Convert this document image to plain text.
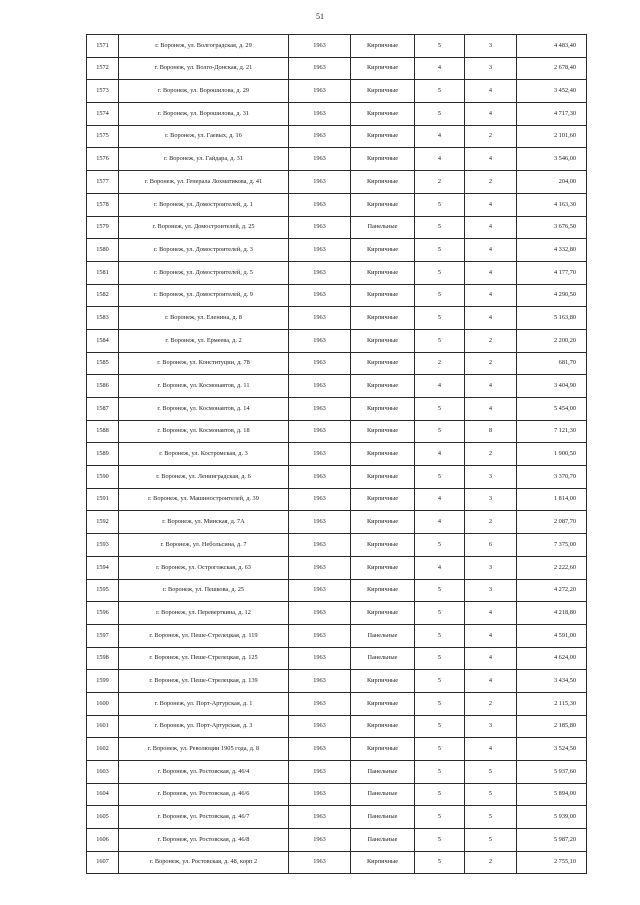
51
1571	г. Воронеж, ул. Волгоградская, д. 29	1963	Кирпичные	5	3	4 483,40
1572	г. Воронеж, ул. Волго-Донская, д. 21	1963	Кирпичные	4	3	2 678,40
1573	г. Воронеж, ул. Ворошилова, д. 29	1963	Кирпичные	5	4	3 452,40
1574	г. Воронеж, ул. Ворошилова, д. 31	1963	Кирпичные	5	4	4 717,30
1575	г. Воронеж, ул. Гаевых, д. 16	1963	Кирпичные	4	2	2 101,60
1576	г. Воронеж, ул. Гайдара, д. 31	1963	Кирпичные	4	4	3 546,00
1577	г. Воронеж, ул. Генерала Лохматикова, д. 41	1963	Кирпичные	2	2	204,00
1578	г. Воронеж, ул. Домостроителей, д. 1	1963	Кирпичные	5	4	4 163,30
1579	г. Воронеж, ул. Домостроителей, д. 25	1963	Панельные	5	4	3 676,50
1580	г. Воронеж, ул. Домостроителей, д. 3	1963	Кирпичные	5	4	4 332,80
1581	г. Воронеж, ул. Домостроителей, д. 5	1963	Кирпичные	5	4	4 177,70
1582	г. Воронеж, ул. Домостроителей, д. 9	1963	Кирпичные	5	4	4 290,50
1583	г. Воронеж, ул. Еленина, д. 8	1963	Кирпичные	5	4	5 163,80
1584	г. Воронеж, ул. Ермеева, д. 2	1963	Кирпичные	5	2	2 200,20
1585	г. Воронеж, ул. Конституции, д. 78	1963	Кирпичные	2	2	681,70
1586	г. Воронеж, ул. Космонавтов, д. 11	1963	Кирпичные	4	4	3 404,90
1587	г. Воронеж, ул. Космонавтов, д. 14	1963	Кирпичные	5	4	5 454,00
1588	г. Воронеж, ул. Космонавтов, д. 18	1963	Кирпичные	5	8	7 121,30
1589	г. Воронеж, ул. Костромская, д. 3	1963	Кирпичные	4	2	1 900,50
1590	г. Воронеж, ул. Ленинградская, д. 6	1963	Кирпичные	5	3	3 370,70
1591	г. Воронеж, ул. Машиностроителей, д. 39	1963	Кирпичные	4	3	1 814,00
1592	г. Воронеж, ул. Минская, д. 7А	1963	Кирпичные	4	2	2 087,70
1593	г. Воронеж, ул. Небольсина, д. 7	1963	Кирпичные	5	6	7 375,00
1594	г. Воронеж, ул. Острогожская, д. 63	1963	Кирпичные	4	3	2 222,60
1595	г. Воронеж, ул. Пешкова, д. 25	1963	Кирпичные	5	3	4 272,20
1596	г. Воронеж, ул. Переверткина, д. 12	1963	Кирпичные	5	4	4 218,80
1597	г. Воронеж, ул. Пеше-Стрелецкая, д. 119	1963	Панельные	5	4	4 591,00
1598	г. Воронеж, ул. Пеше-Стрелецкая, д. 125	1963	Панельные	5	4	4 624,00
1599	г. Воронеж, ул. Пеше-Стрелецкая, д. 139	1963	Кирпичные	5	4	3 434,50
1600	г. Воронеж, ул. Порт-Артурская, д. 1	1963	Кирпичные	5	2	2 115,30
1601	г. Воронеж, ул. Порт-Артурская, д. 3	1963	Кирпичные	5	3	2 185,80
1602	г. Воронеж, ул. Революции 1905 года, д. 8	1963	Кирпичные	5	4	3 524,50
1603	г. Воронеж, ул. Ростовская, д. 46/4	1963	Панельные	5	5	5 937,60
1604	г. Воронеж, ул. Ростовская, д. 46/6	1963	Панельные	5	5	5 894,00
1605	г. Воронеж, ул. Ростовская, д. 46/7	1963	Панельные	5	5	5 939,00
1606	г. Воронеж, ул. Ростовская, д. 46/8	1963	Панельные	5	5	5 987,20
1607	г. Воронеж, ул. Ростовская, д. 48, корп 2	1963	Кирпичные	5	2	2 755,10
